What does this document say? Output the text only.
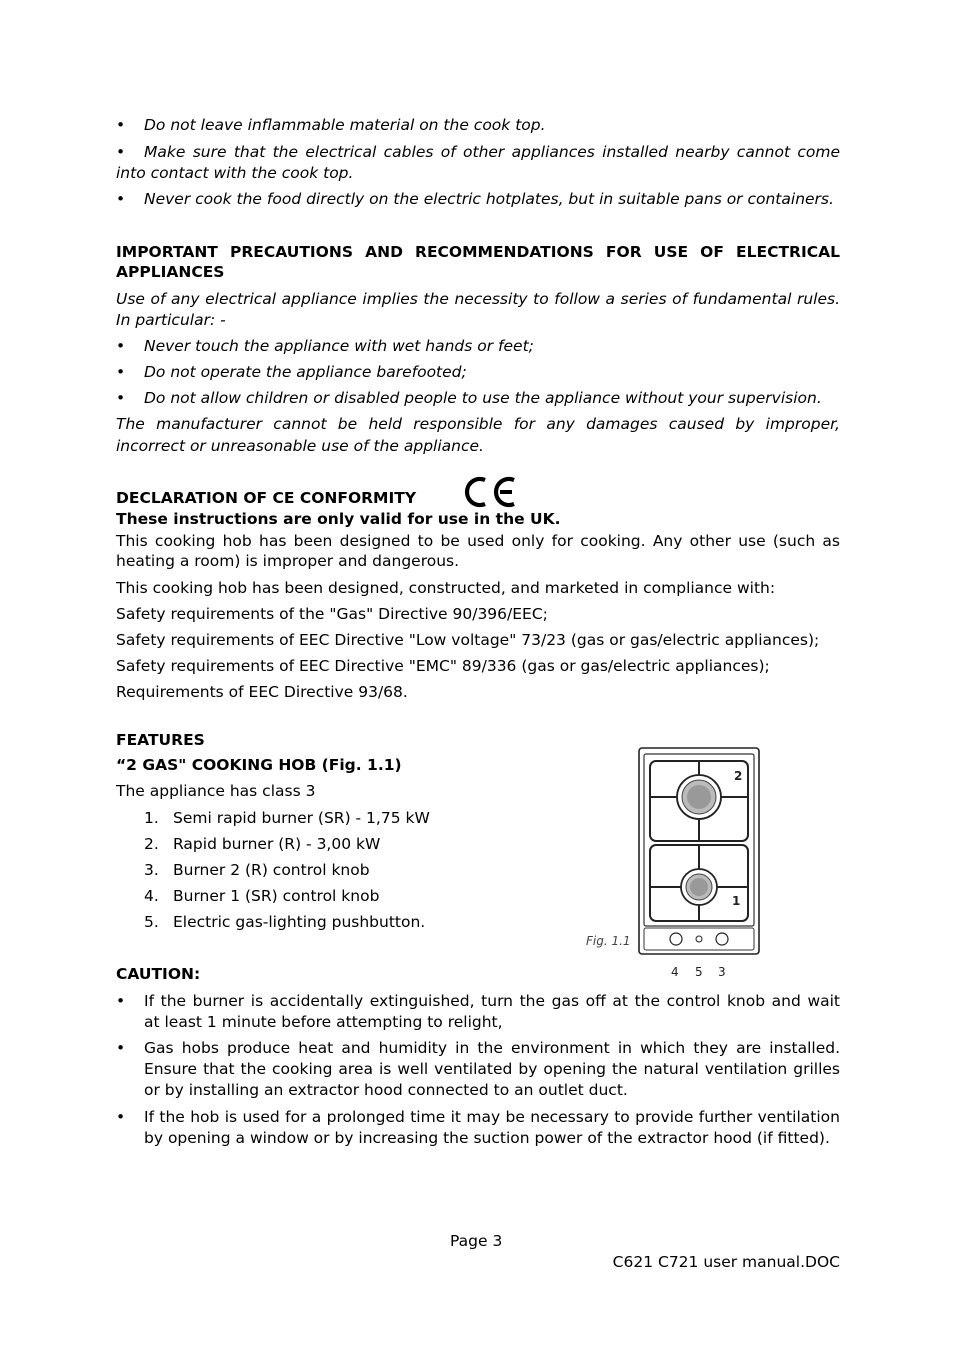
• Do not leave inflammable material on the cook top.
• Make sure that the electrical cables of other appliances installed nearby cannot come
into contact with the cook top.
• Never cook the food directly on the electric hotplates, but in suitable pans or containers.
IMPORTANT PRECAUTIONS AND RECOMMENDATIONS FOR USE OF ELECTRICAL
APPLIANCES
Use of any electrical appliance implies the necessity to follow a series of fundamental rules.
In particular: -
• Never touch the appliance with wet hands or feet;
• Do not operate the appliance barefooted;
• Do not allow children or disabled people to use the appliance without your supervision.
The manufacturer cannot be held responsible for any damages caused by improper,
incorrect or unreasonable use of the appliance.
DECLARATION OF CE CONFORMITY
These instructions are only valid for use in the UK.
This cooking hob has been designed to be used only for cooking. Any other use (such as
heating a room) is improper and dangerous.
This cooking hob has been designed, constructed, and marketed in compliance with:
Safety requirements of the "Gas" Directive 90/396/EEC;
Safety requirements of EEC Directive "Low voltage" 73/23 (gas or gas/electric appliances);
Safety requirements of EEC Directive "EMC" 89/336 (gas or gas/electric appliances);
Requirements of EEC Directive 93/68.
FEATURES
“2 GAS" COOKING HOB (Fig. 1.1)
The appliance has class 3
1. Semi rapid burner (SR) - 1,75 kW
2. Rapid burner (R) - 3,00 kW
3. Burner 2 (R) control knob
4. Burner 1 (SR) control knob
5. Electric gas-lighting pushbutton.
Fig. 1.1
2
1
4 5 3
CAUTION:
• If the burner is accidentally extinguished, turn the gas off at the control knob and wait
at least 1 minute before attempting to relight,
• Gas hobs produce heat and humidity in the environment in which they are installed.
Ensure that the cooking area is well ventilated by opening the natural ventilation grilles
or by installing an extractor hood connected to an outlet duct.
• If the hob is used for a prolonged time it may be necessary to provide further ventilation
by opening a window or by increasing the suction power of the extractor hood (if fitted).
Page 3
C621 C721 user manual.DOC
